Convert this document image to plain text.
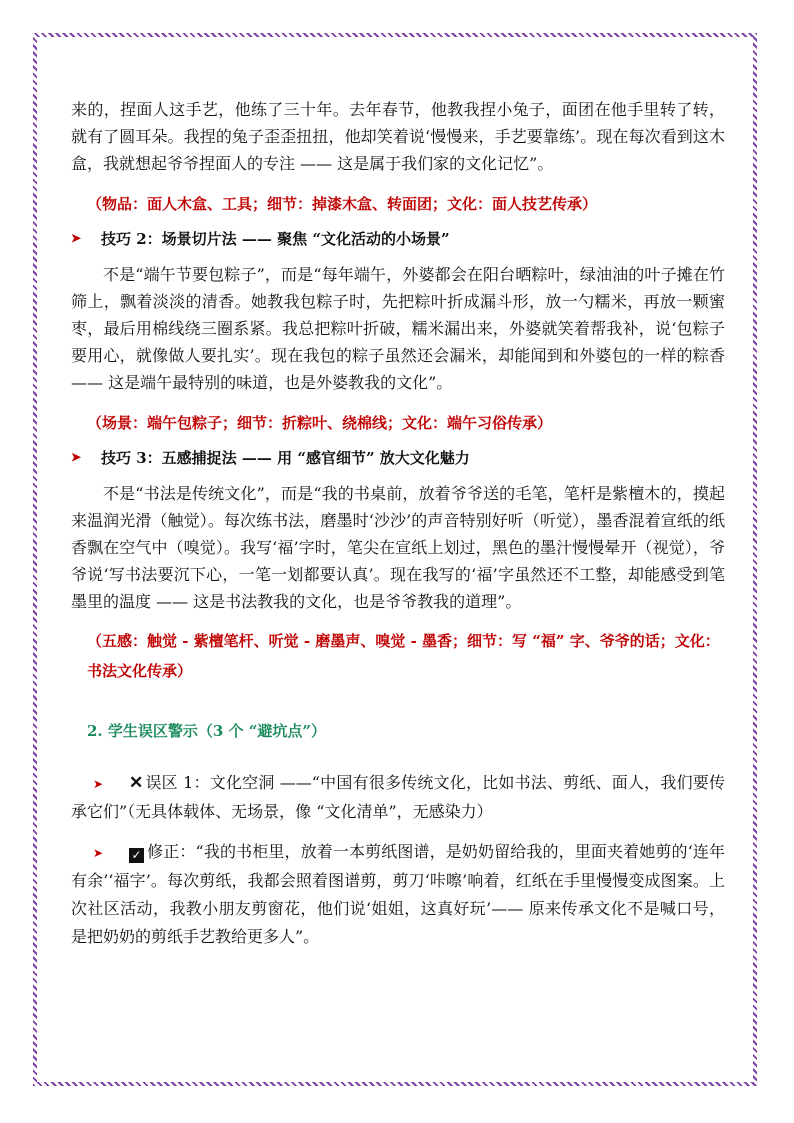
来的，捏面人这手艺，他练了三十年。去年春节，他教我捏小兔子，面团在他手里转了转，就有了圆耳朵。我捏的兔子歪歪扭扭，他却笑着说‘慢慢来，手艺要靠练’。现在每次看到这木盒，我就想起爷爷捏面人的专注 —— 这是属于我们家的文化记忆”。

（物品：面人木盒、工具；细节：掉漆木盒、转面团；文化：面人技艺传承）

➤	技巧 2：场景切片法 —— 聚焦 “文化活动的小场景”

不是“端午节要包粽子”，而是“每年端午，外婆都会在阳台晒粽叶，绿油油的叶子摊在竹筛上，飘着淡淡的清香。她教我包粽子时，先把粽叶折成漏斗形，放一勺糯米，再放一颗蜜枣，最后用棉线绕三圈系紧。我总把粽叶折破，糯米漏出来，外婆就笑着帮我补，说‘包粽子要用心，就像做人要扎实’。现在我包的粽子虽然还会漏米，却能闻到和外婆包的一样的粽香 —— 这是端午最特别的味道，也是外婆教我的文化”。

（场景：端午包粽子；细节：折粽叶、绕棉线；文化：端午习俗传承）

➤	技巧 3：五感捕捉法 —— 用 “感官细节” 放大文化魅力

不是“书法是传统文化”，而是“我的书桌前，放着爷爷送的毛笔，笔杆是紫檀木的，摸起来温润光滑（触觉）。每次练书法，磨墨时‘沙沙’的声音特别好听（听觉），墨香混着宣纸的纸香飘在空气中（嗅觉）。我写‘福’字时，笔尖在宣纸上划过，黑色的墨汁慢慢晕开（视觉），爷爷说‘写书法要沉下心，一笔一划都要认真’。现在我写的‘福’字虽然还不工整，却能感受到笔墨里的温度 —— 这是书法教我的文化，也是爷爷教我的道理”。

（五感：触觉 - 紫檀笔杆、听觉 - 磨墨声、嗅觉 - 墨香；细节：写 “福” 字、爷爷的话；文化：书法文化传承）

2. 学生误区警示（3 个 “避坑点”）

➤ ✕ 误区 1：文化空洞 ——“中国有很多传统文化，比如书法、剪纸、面人，我们要传承它们”（无具体载体、无场景，像 “文化清单”，无感染力）

➤ ✓ 修正：“我的书柜里，放着一本剪纸图谱，是奶奶留给我的，里面夹着她剪的‘连年有余’‘福字’。每次剪纸，我都会照着图谱剪，剪刀‘咔嚓’响着，红纸在手里慢慢变成图案。上次社区活动，我教小朋友剪窗花，他们说‘姐姐，这真好玩’—— 原来传承文化不是喊口号，是把奶奶的剪纸手艺教给更多人”。
